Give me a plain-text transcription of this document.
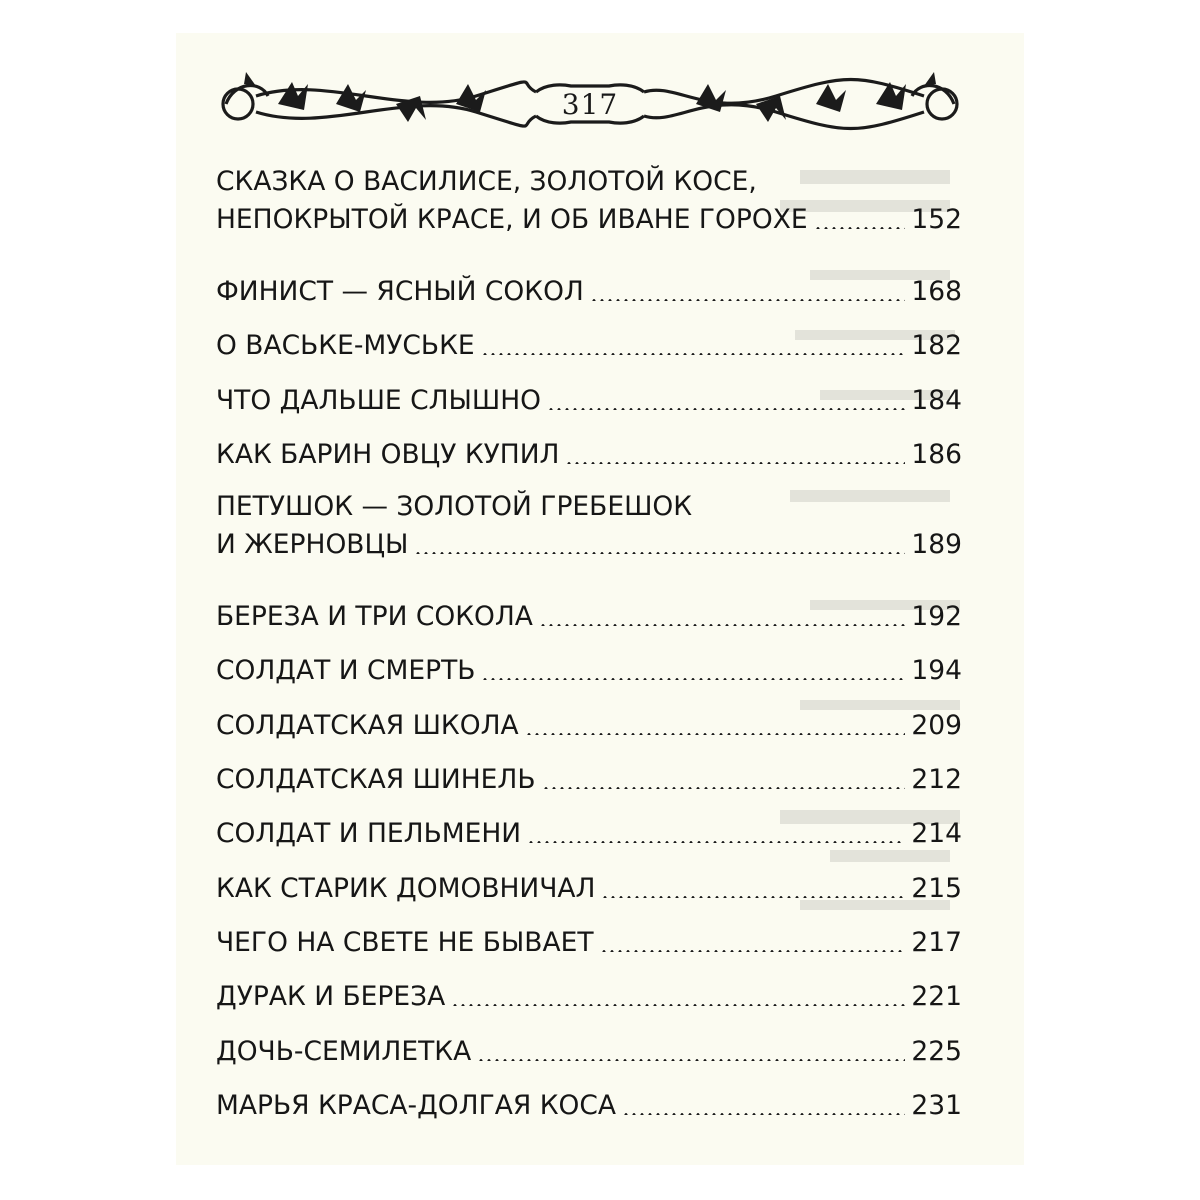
317
СКАЗКА О ВАСИЛИСЕ, ЗОЛОТОЙ КОСЕ,
НЕПОКРЫТОЙ КРАСЕ, И ОБ ИВАНЕ ГОРОХЕ	152
ФИНИСТ — ЯСНЫЙ СОКОЛ	168
О ВАСЬКЕ-МУСЬКЕ	182
ЧТО ДАЛЬШЕ СЛЫШНО	184
КАК БАРИН ОВЦУ КУПИЛ	186
ПЕТУШОК — ЗОЛОТОЙ ГРЕБЕШОК
И ЖЕРНОВЦЫ	189
БЕРЕЗА И ТРИ СОКОЛА	192
СОЛДАТ И СМЕРТЬ	194
СОЛДАТСКАЯ ШКОЛА	209
СОЛДАТСКАЯ ШИНЕЛЬ	212
СОЛДАТ И ПЕЛЬМЕНИ	214
КАК СТАРИК ДОМОВНИЧАЛ	215
ЧЕГО НА СВЕТЕ НЕ БЫВАЕТ	217
ДУРАК И БЕРЕЗА	221
ДОЧЬ-СЕМИЛЕТКА	225
МАРЬЯ КРАСА-ДОЛГАЯ КОСА	231
